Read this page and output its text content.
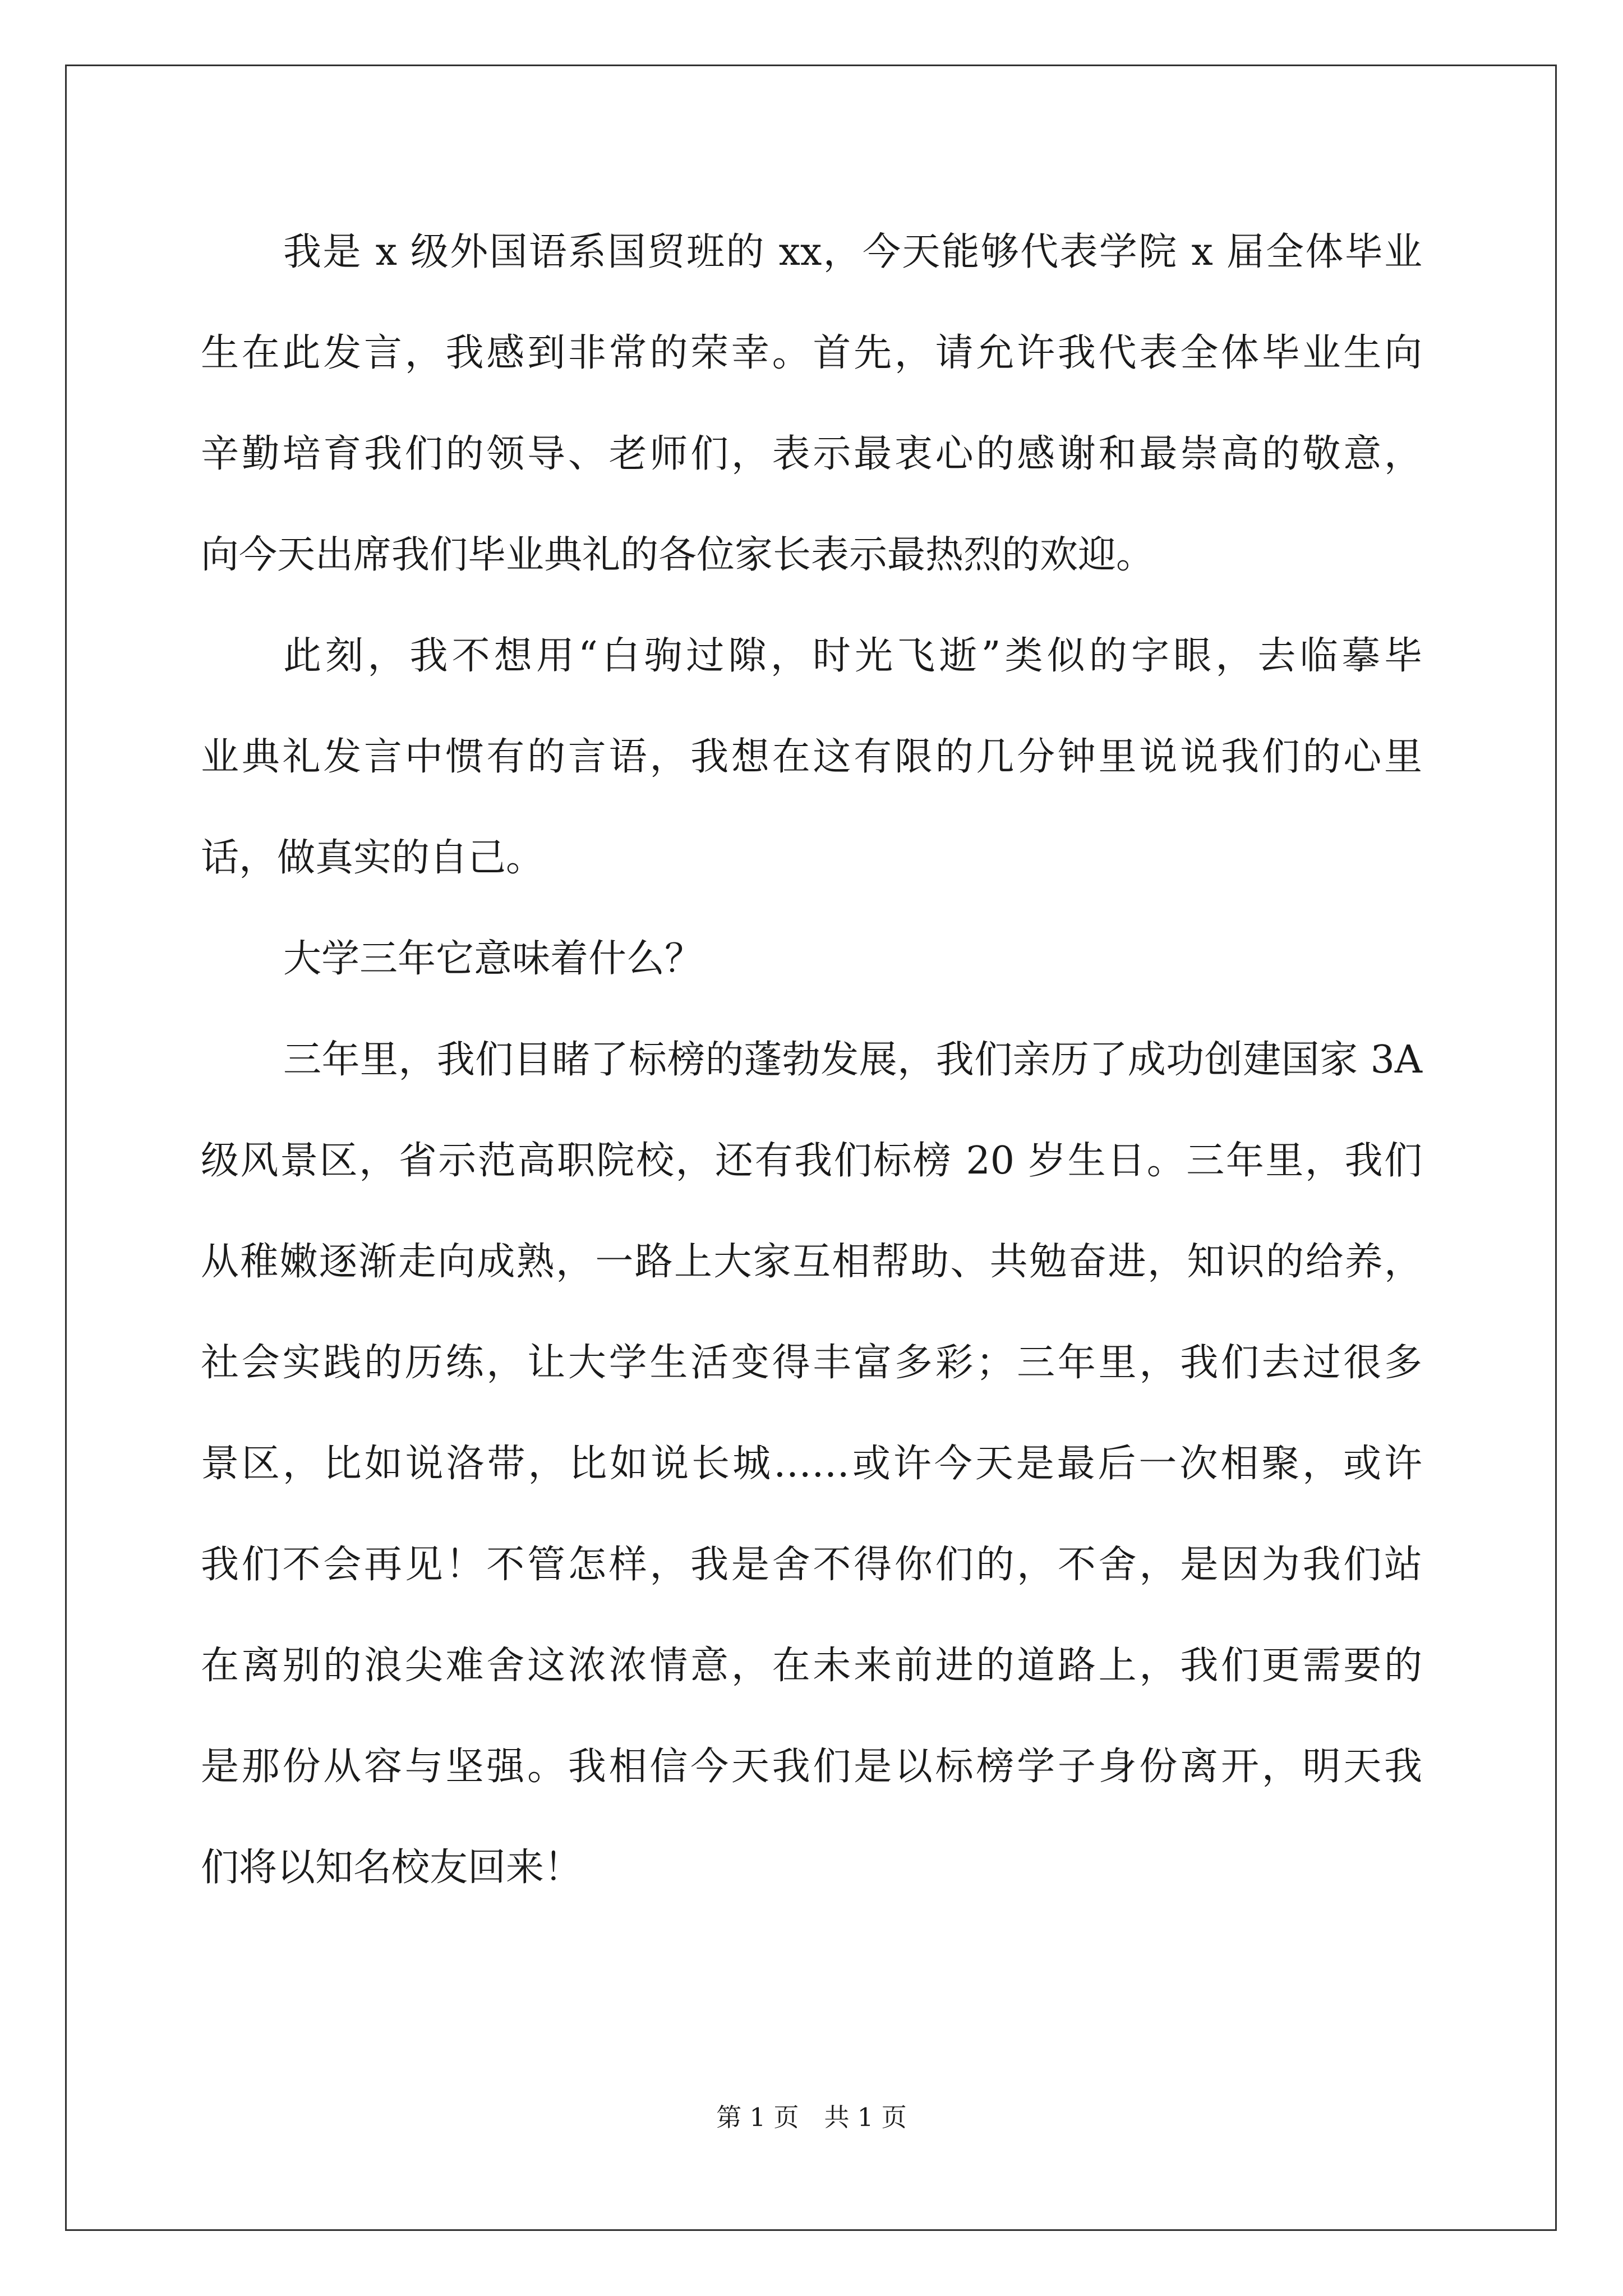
我是 x 级外国语系国贸班的 xx，今天能够代表学院 x 届全体毕业
生在此发言，我感到非常的荣幸。首先，请允许我代表全体毕业生向
辛勤培育我们的领导、老师们，表示最衷心的感谢和最崇高的敬意，
向今天出席我们毕业典礼的各位家长表示最热烈的欢迎。
此刻，我不想用“白驹过隙，时光飞逝”类似的字眼，去临摹毕
业典礼发言中惯有的言语，我想在这有限的几分钟里说说我们的心里
话，做真实的自己。
大学三年它意味着什么？
三年里，我们目睹了标榜的蓬勃发展，我们亲历了成功创建国家 3A
级风景区，省示范高职院校，还有我们标榜 20 岁生日。三年里，我们
从稚嫩逐渐走向成熟，一路上大家互相帮助、共勉奋进，知识的给养，
社会实践的历练，让大学生活变得丰富多彩；三年里，我们去过很多
景区，比如说洛带，比如说长城……或许今天是最后一次相聚，或许
我们不会再见！不管怎样，我是舍不得你们的，不舍，是因为我们站
在离别的浪尖难舍这浓浓情意，在未来前进的道路上，我们更需要的
是那份从容与坚强。我相信今天我们是以标榜学子身份离开，明天我
们将以知名校友回来！
第 1 页　共 1 页
